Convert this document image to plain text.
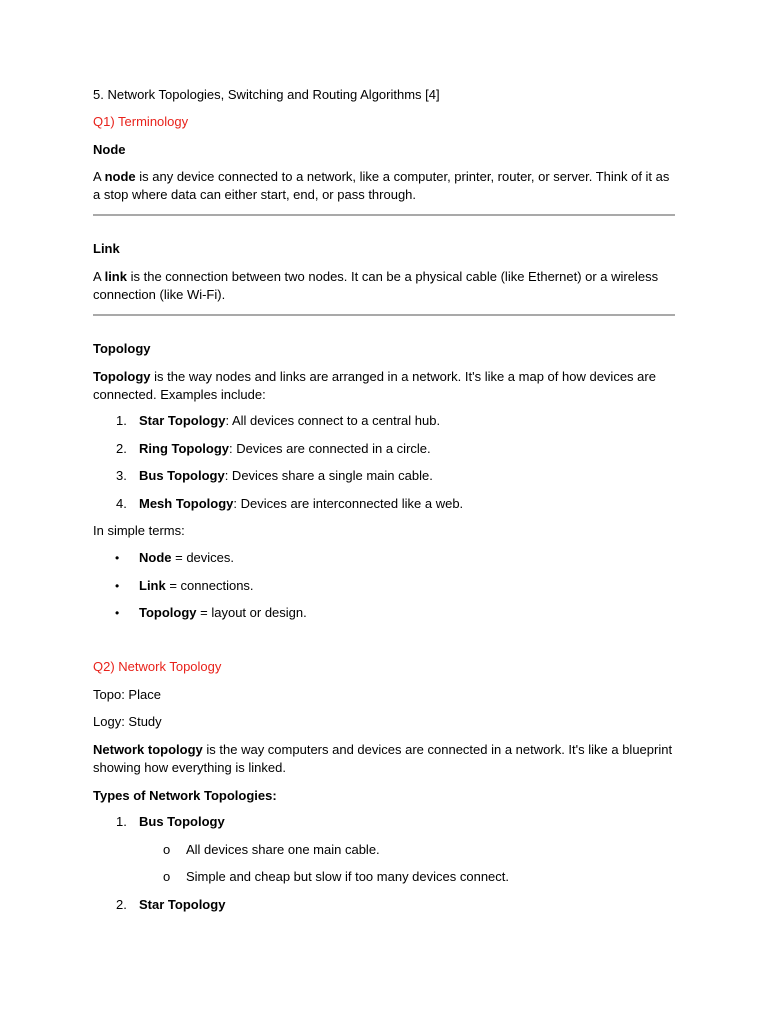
5. Network Topologies, Switching and Routing Algorithms [4]
Q1) Terminology
Node
A node is any device connected to a network, like a computer, printer, router, or server. Think of it as
a stop where data can either start, end, or pass through.
Link
A link is the connection between two nodes. It can be a physical cable (like Ethernet) or a wireless
connection (like Wi-Fi).
Topology
Topology is the way nodes and links are arranged in a network. It's like a map of how devices are
connected. Examples include:
1. Star Topology: All devices connect to a central hub.
2. Ring Topology: Devices are connected in a circle.
3. Bus Topology: Devices share a single main cable.
4. Mesh Topology: Devices are interconnected like a web.
In simple terms:
• Node = devices.
• Link = connections.
• Topology = layout or design.
Q2) Network Topology
Topo: Place
Logy: Study
Network topology is the way computers and devices are connected in a network. It's like a blueprint
showing how everything is linked.
Types of Network Topologies:
1. Bus Topology
o All devices share one main cable.
o Simple and cheap but slow if too many devices connect.
2. Star Topology
